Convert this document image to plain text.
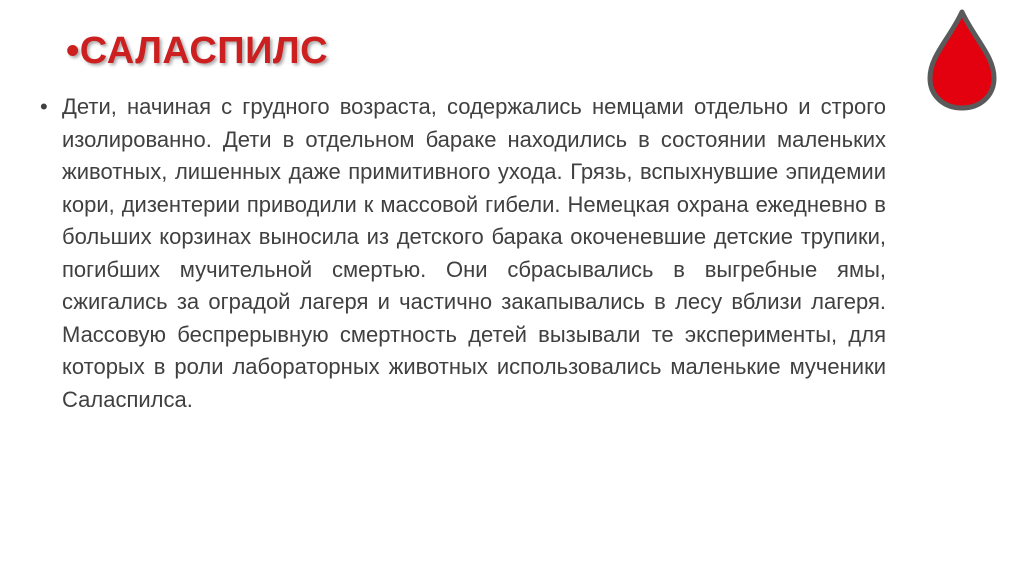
•САЛАСПИЛС
• Дети, начиная с грудного возраста, содержались немцами отдельно и строго изолированно. Дети в отдельном бараке находились в состоянии маленьких животных, лишенных даже примитивного ухода. Грязь, вспыхнувшие эпидемии кори, дизентерии приводили к массовой гибели. Немецкая охрана ежедневно в больших корзинах выносила из детского барака окоченевшие детские трупики, погибших мучительной смертью. Они сбрасывались в выгребные ямы, сжигались за оградой лагеря и частично закапывались в лесу вблизи лагеря. Массовую беспрерывную смертность детей вызывали те эксперименты, для которых в роли лабораторных животных использовались маленькие мученики Саласпилса.
